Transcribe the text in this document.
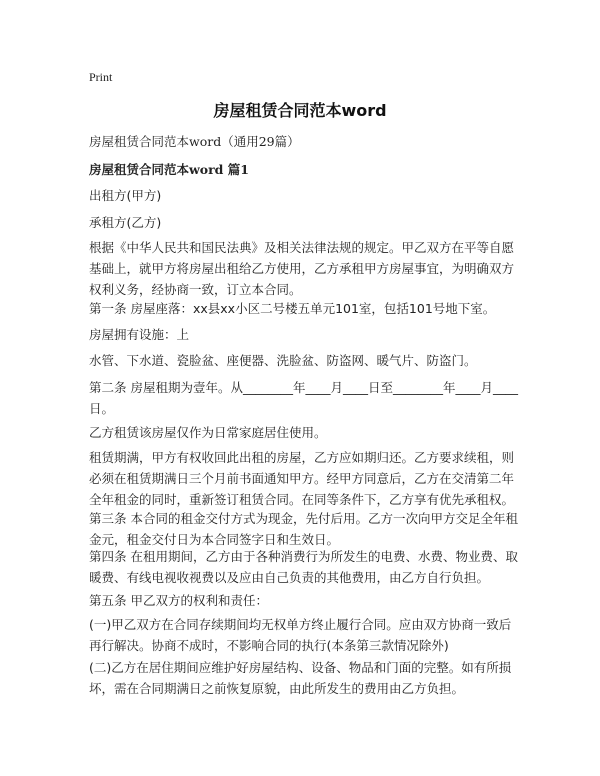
Print
房屋租赁合同范本word
房屋租赁合同范本word（通用29篇）
房屋租赁合同范本word 篇1
出租方(甲方)
承租方(乙方)
根据《中华人民共和国民法典》及相关法律法规的规定。甲乙双方在平等自愿基础上，就甲方将房屋出租给乙方使用，乙方承租甲方房屋事宜，为明确双方权利义务，经协商一致，订立本合同。
第一条 房屋座落：xx县xx小区二号楼五单元101室，包括101号地下室。
房屋拥有设施：上
水管、下水道、瓷脸盆、座便器、洗脸盆、防盗网、暖气片、防盗门。
第二条 房屋租期为壹年。从________年____月____日至________年____月____日。
乙方租赁该房屋仅作为日常家庭居住使用。
租赁期满，甲方有权收回此出租的房屋，乙方应如期归还。乙方要求续租，则必须在租赁期满日三个月前书面通知甲方。经甲方同意后，乙方在交清第二年全年租金的同时，重新签订租赁合同。在同等条件下，乙方享有优先承租权。
第三条 本合同的租金交付方式为现金，先付后用。乙方一次向甲方交足全年租金元，租金交付日为本合同签字日和生效日。
第四条 在租用期间，乙方由于各种消费行为所发生的电费、水费、物业费、取暖费、有线电视收视费以及应由自己负责的其他费用，由乙方自行负担。
第五条 甲乙双方的权利和责任：
(一)甲乙双方在合同存续期间均无权单方终止履行合同。应由双方协商一致后再行解决。协商不成时，不影响合同的执行(本条第三款情况除外)
(二)乙方在居住期间应维护好房屋结构、设备、物品和门面的完整。如有所损坏，需在合同期满日之前恢复原貌，由此所发生的费用由乙方负担。
